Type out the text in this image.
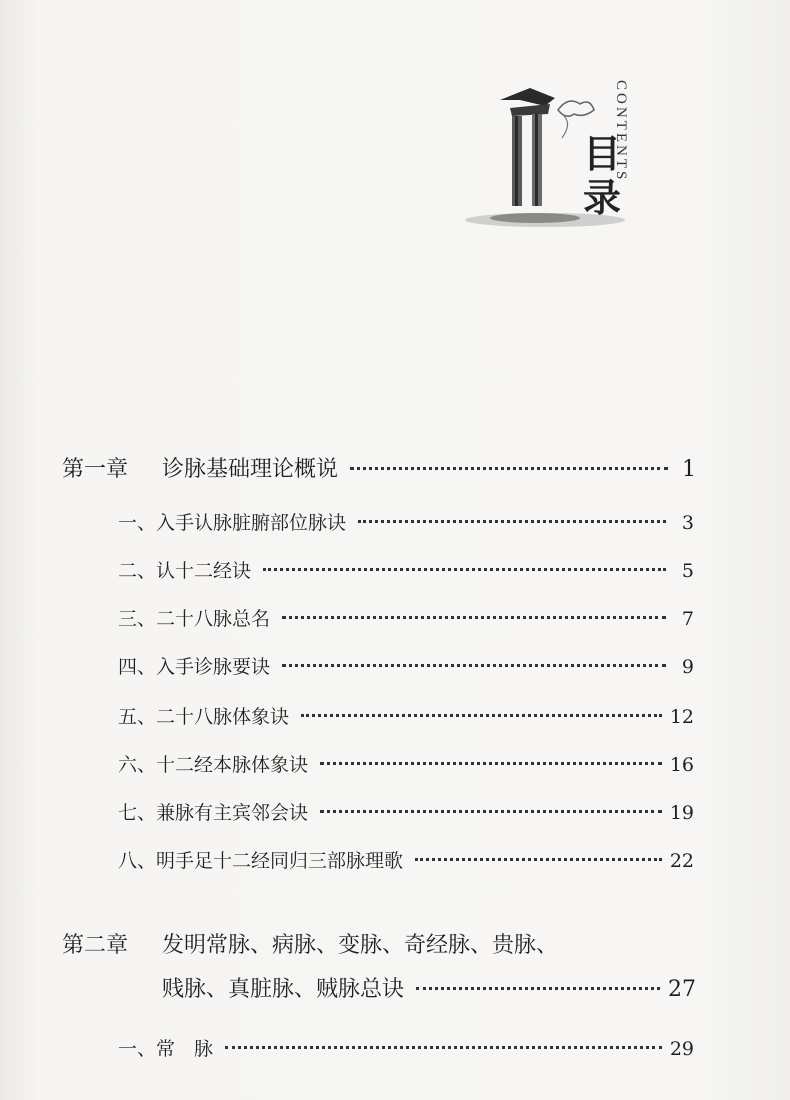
目
录
CONTENTS
第一章 诊脉基础理论概说	1
一、入手认脉脏腑部位脉诀	3
二、认十二经诀	5
三、二十八脉总名	7
四、入手诊脉要诀	9
五、二十八脉体象诀	12
六、十二经本脉体象诀	16
七、兼脉有主宾邻会诀	19
八、明手足十二经同归三部脉理歌	22
第二章 发明常脉、病脉、变脉、奇经脉、贵脉、
贱脉、真脏脉、贼脉总诀	27
一、常　脉	29
